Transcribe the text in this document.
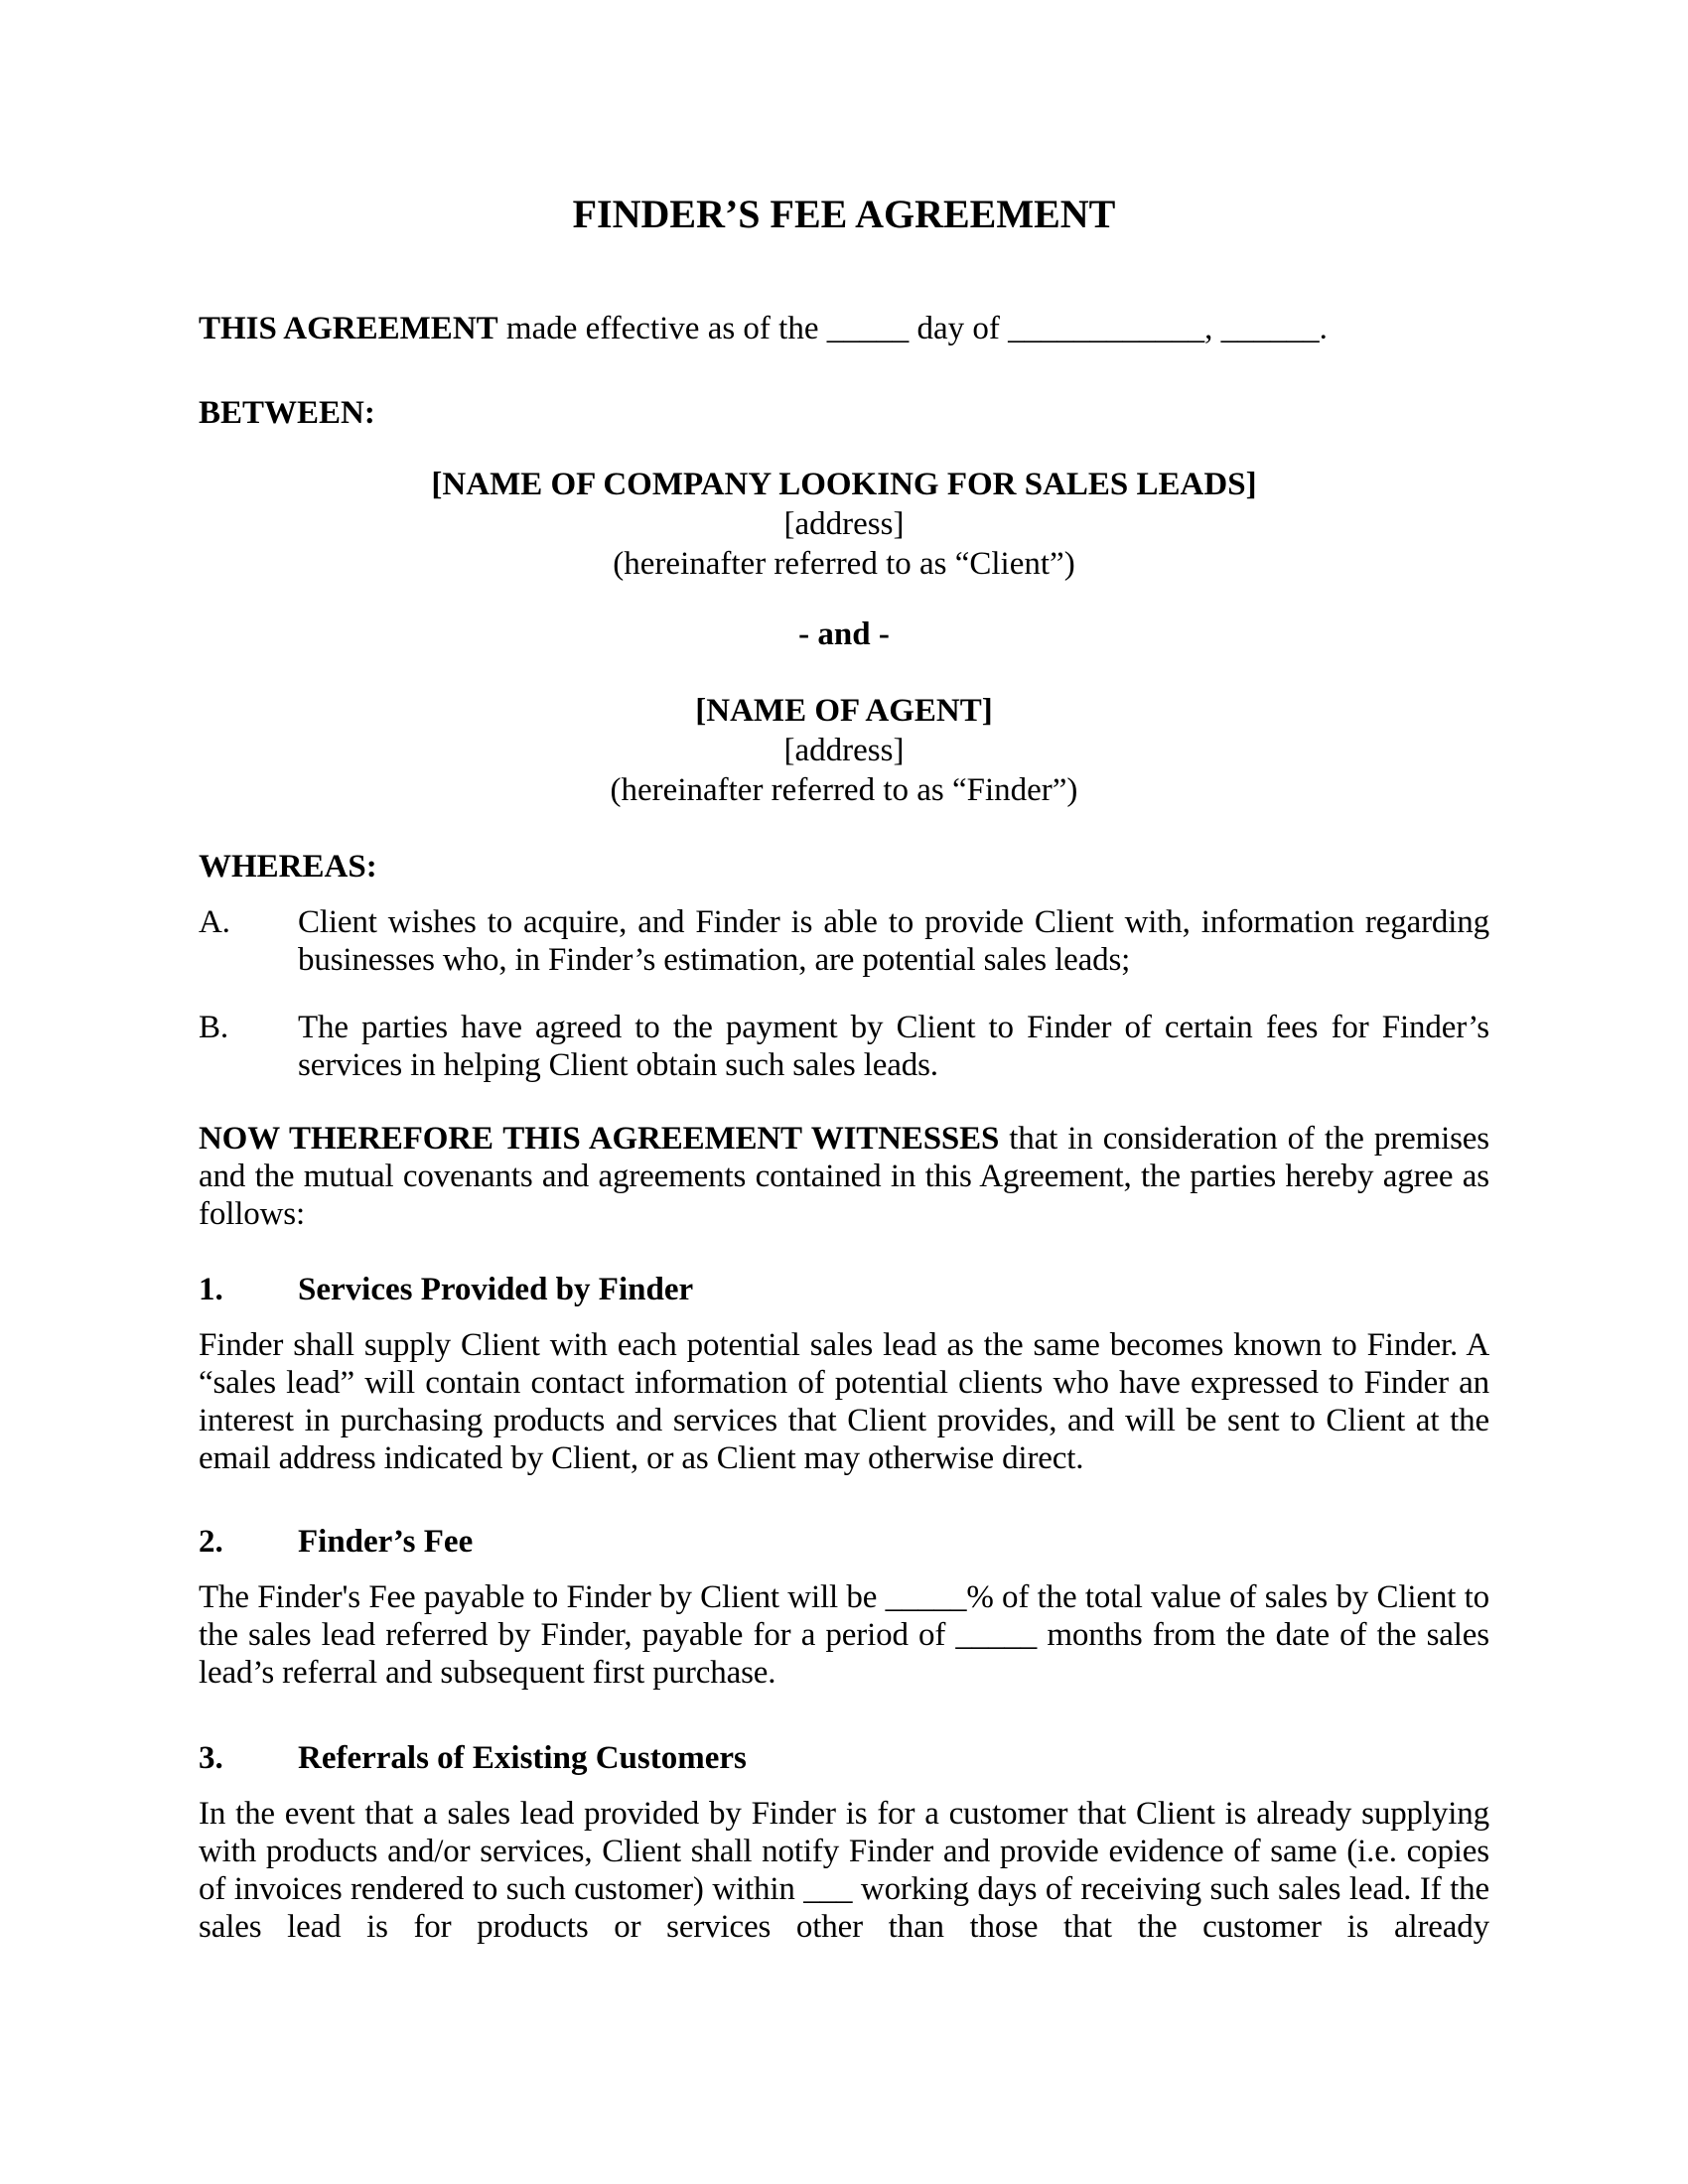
FINDER’S FEE AGREEMENT

THIS AGREEMENT made effective as of the _____ day of ____________, ______.

BETWEEN:
[NAME OF COMPANY LOOKING FOR SALES LEADS]
[address]
(hereinafter referred to as “Client”)
- and -
[NAME OF AGENT]
[address]
(hereinafter referred to as “Finder”)
WHEREAS:
A. Client wishes to acquire, and Finder is able to provide Client with, information regarding businesses who, in Finder’s estimation, are potential sales leads;
B. The parties have agreed to the payment by Client to Finder of certain fees for Finder’s services in helping Client obtain such sales leads.

NOW THEREFORE THIS AGREEMENT WITNESSES that in consideration of the premises and the mutual covenants and agreements contained in this Agreement, the parties hereby agree as follows:

1. Services Provided by Finder

Finder shall supply Client with each potential sales lead as the same becomes known to Finder. A “sales lead” will contain contact information of potential clients who have expressed to Finder an interest in purchasing products and services that Client provides, and will be sent to Client at the email address indicated by Client, or as Client may otherwise direct.

2. Finder’s Fee

The Finder's Fee payable to Finder by Client will be _____% of the total value of sales by Client to the sales lead referred by Finder, payable for a period of _____ months from the date of the sales lead’s referral and subsequent first purchase.

3. Referrals of Existing Customers

In the event that a sales lead provided by Finder is for a customer that Client is already supplying with products and/or services, Client shall notify Finder and provide evidence of same (i.e. copies of invoices rendered to such customer) within ___ working days of receiving such sales lead. If the sales lead is for products or services other than those that the customer is already
